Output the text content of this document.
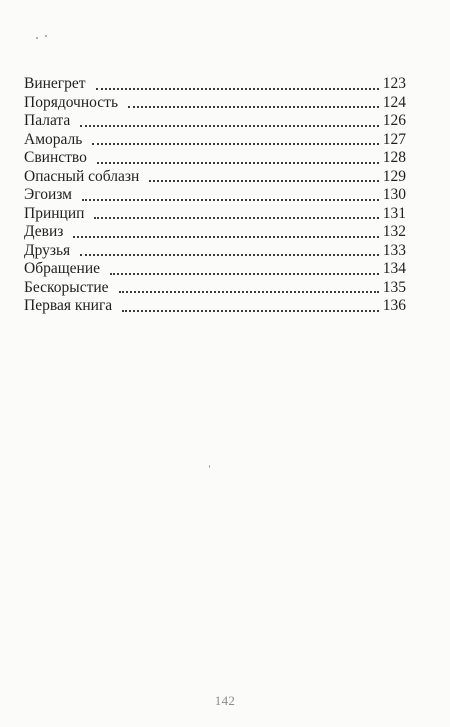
Винегрет	123
Порядочность	124
Палата	126
Амораль	127
Свинство	128
Опасный соблазн	129
Эгоизм	130
Принцип	131
Девиз	132
Друзья	133
Обращение	134
Бескорыстие	135
Первая книга	136
142
